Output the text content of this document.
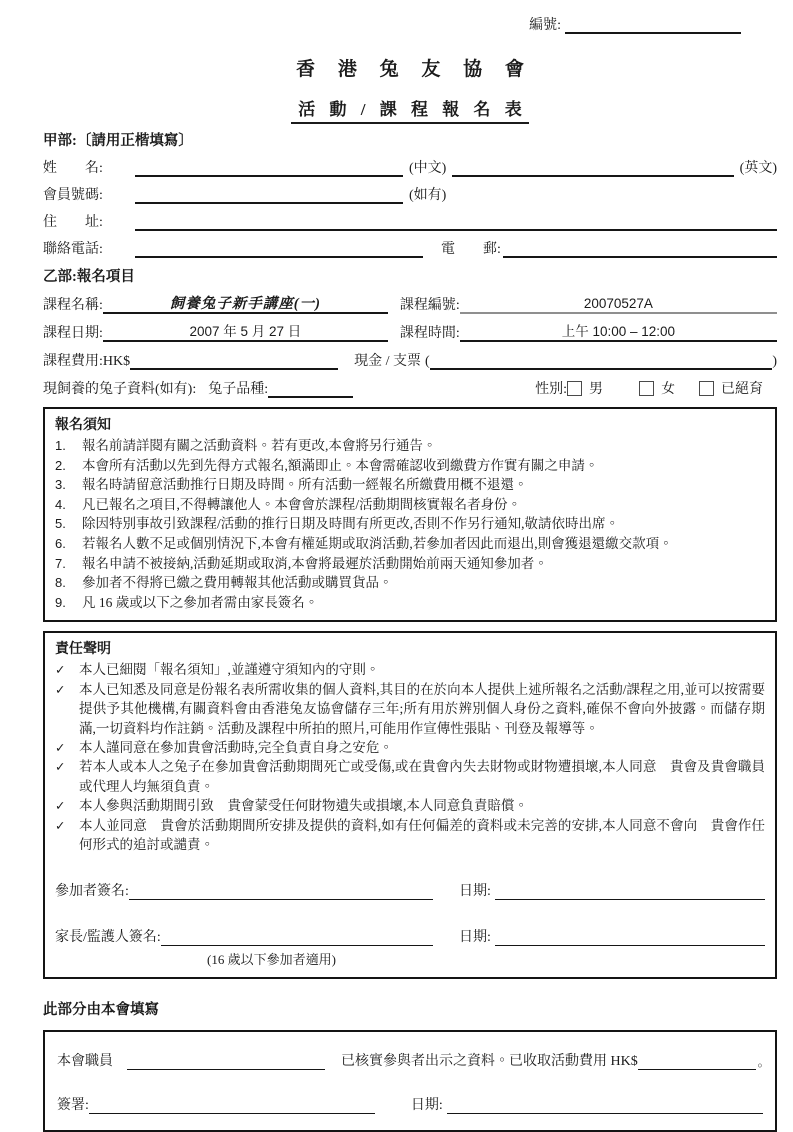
編號:
香 港 兔 友 協 會
活 動 / 課 程 報 名 表
甲部:〔請用正楷填寫〕
姓　　名:	(中文)	(英文)
會員號碼:	(如有)
住　　址:
聯絡電話:	電　　郵:
乙部:報名項目
課程名稱:	飼養兔子新手講座(一)	課程編號:	20070527A
課程日期:	2007 年 5 月 27 日	課程時間:	上午 10:00 – 12:00
課程費用:HK$	現金 / 支票 (	)
現飼養的兔子資料(如有): 兔子品種:	性別: 男	女	已絕育
報名須知
1.	報名前請詳閱有關之活動資料。若有更改,本會將另行通告。
2.	本會所有活動以先到先得方式報名,額滿即止。本會需確認收到繳費方作實有關之申請。
3.	報名時請留意活動推行日期及時間。所有活動一經報名所繳費用概不退還。
4.	凡已報名之項目,不得轉讓他人。本會會於課程/活動期間核實報名者身份。
5.	除因特別事故引致課程/活動的推行日期及時間有所更改,否則不作另行通知,敬請依時出席。
6.	若報名人數不足或個別情況下,本會有權延期或取消活動,若參加者因此而退出,則會獲退還繳交款項。
7.	報名申請不被接納,活動延期或取消,本會將最遲於活動開始前兩天通知參加者。
8.	參加者不得將已繳之費用轉報其他活動或購買貨品。
9.	凡 16 歲或以下之參加者需由家長簽名。
責任聲明
✓	本人已細閱「報名須知」,並謹遵守須知內的守則。
✓	本人已知悉及同意是份報名表所需收集的個人資料,其目的在於向本人提供上述所報名之活動/課程之用,並可以按需要提供予其他機構,有關資料會由香港兔友協會儲存三年;所有用於辨別個人身份之資料,確保不會向外披露。而儲存期滿,一切資料均作註銷。活動及課程中所拍的照片,可能用作宣傳性張貼、刊登及報導等。
✓	本人謹同意在參加貴會活動時,完全負責自身之安危。
✓	若本人或本人之兔子在參加貴會活動期間死亡或受傷,或在貴會內失去財物或財物遭損壞,本人同意　貴會及貴會職員或代理人均無須負責。
✓	本人參與活動期間引致　貴會蒙受任何財物遺失或損壞,本人同意負責賠償。
✓	本人並同意　貴會於活動期間所安排及提供的資料,如有任何偏差的資料或未完善的安排,本人同意不會向　貴會作任何形式的追討或譴責。
參加者簽名:	日期:
家長/監護人簽名:	日期:
(16 歲以下參加者適用)
此部分由本會填寫
本會職員	已核實參與者出示之資料。已收取活動費用 HK$	。
簽署:	日期:
